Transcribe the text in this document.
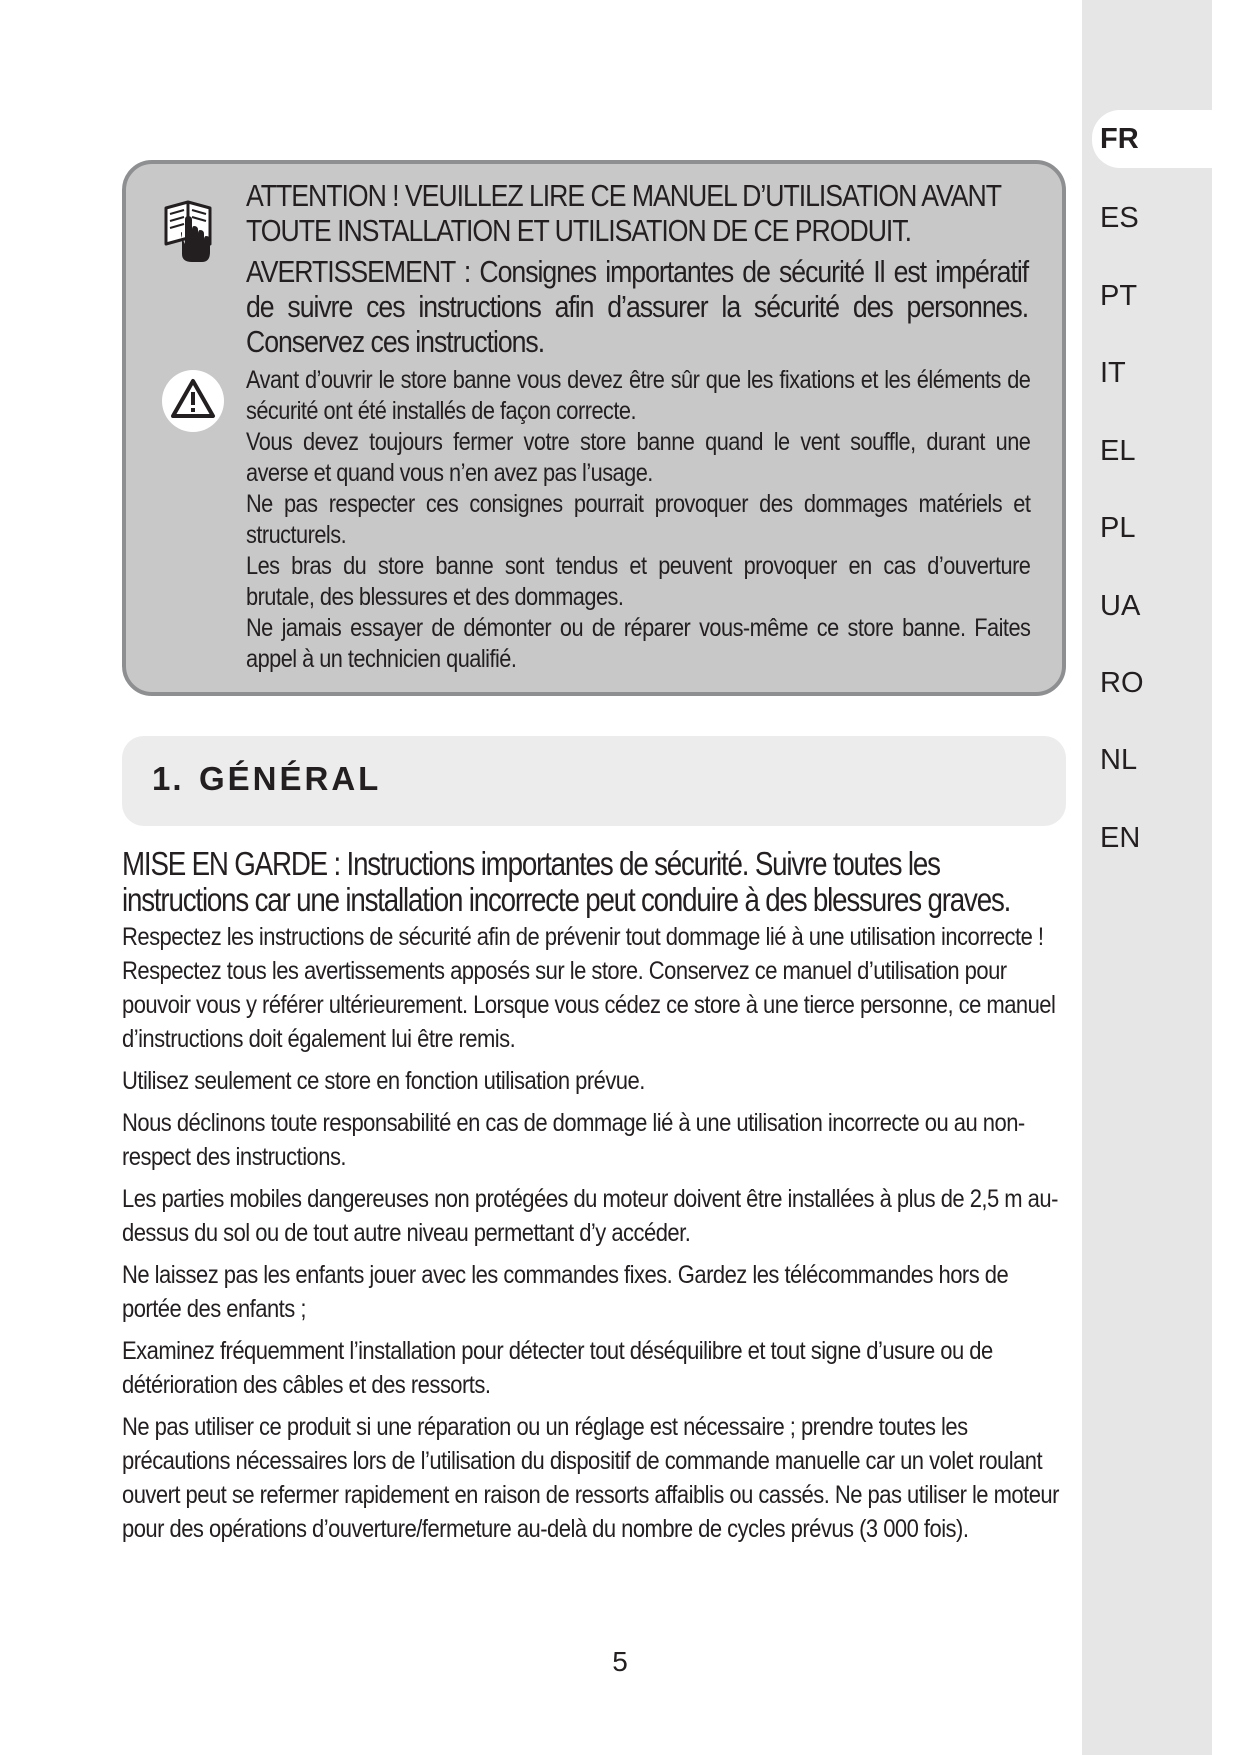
FR
ES
PT
IT
EL
PL
UA
RO
NL
EN
ATTENTION ! VEUILLEZ LIRE CE MANUEL D’UTILISATION AVANT TOUTE INSTALLATION ET UTILISATION DE CE PRODUIT.
AVERTISSEMENT : Consignes importantes de sécurité Il est impératif de suivre ces instructions afin d’assurer la sécurité des personnes. Conservez ces instructions.

Avant d’ouvrir le store banne vous devez être sûr que les fixations et les éléments de sécurité ont été installés de façon correcte.

Vous devez toujours fermer votre store banne quand le vent souffle, durant une averse et quand vous n’en avez pas l’usage.

Ne pas respecter ces consignes pourrait provoquer des dommages matériels et structurels.

Les bras du store banne sont tendus et peuvent provoquer en cas d’ouverture brutale, des blessures et des dommages.

Ne jamais essayer de démonter ou de réparer vous-même ce store banne. Faites appel à un technicien qualifié.

1. GÉNÉRAL
MISE EN GARDE : Instructions importantes de sécurité. Suivre toutes les instructions car une installation incorrecte peut conduire à des blessures graves.

Respectez les instructions de sécurité afin de prévenir tout dommage lié à une utilisation incorrecte ! Respectez tous les avertissements apposés sur le store. Conservez ce manuel d’utilisation pour pouvoir vous y référer ultérieurement. Lorsque vous cédez ce store à une tierce personne, ce manuel d’instructions doit également lui être remis.

Utilisez seulement ce store en fonction utilisation prévue.

Nous déclinons toute responsabilité en cas de dommage lié à une utilisation incorrecte ou au non-respect des instructions.

Les parties mobiles dangereuses non protégées du moteur doivent être installées à plus de 2,5 m au-dessus du sol ou de tout autre niveau permettant d’y accéder.

Ne laissez pas les enfants jouer avec les commandes fixes. Gardez les télécommandes hors de portée des enfants ;

Examinez fréquemment l’installation pour détecter tout déséquilibre et tout signe d’usure ou de détérioration des câbles et des ressorts.

Ne pas utiliser ce produit si une réparation ou un réglage est nécessaire ; prendre toutes les précautions nécessaires lors de l’utilisation du dispositif de commande manuelle car un volet roulant ouvert peut se refermer rapidement en raison de ressorts affaiblis ou cassés. Ne pas utiliser le moteur pour des opérations d’ouverture/fermeture au-delà du nombre de cycles prévus (3 000 fois).

5
